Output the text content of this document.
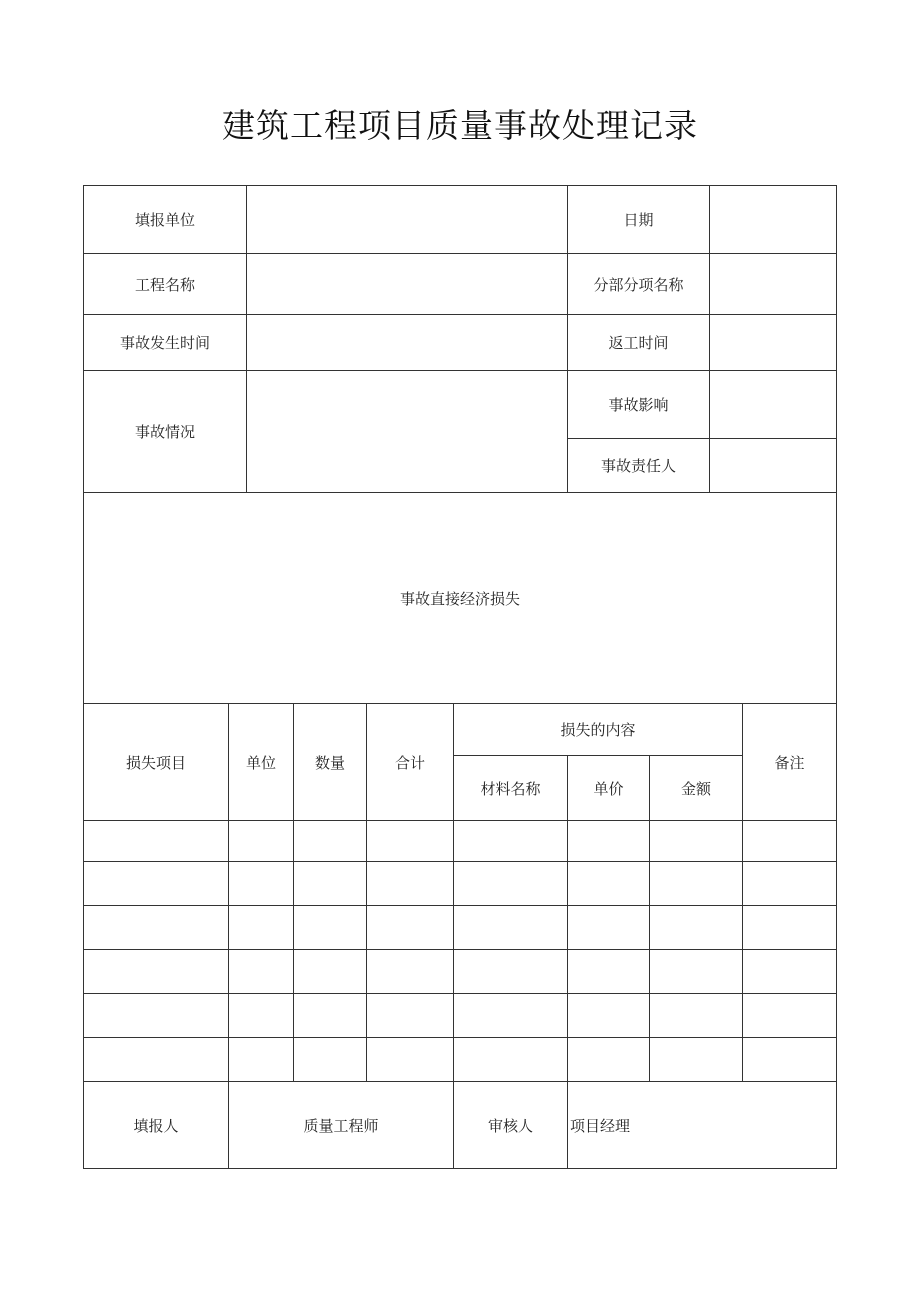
建筑工程项目质量事故处理记录
填报单位		日期	
工程名称		分部分项名称	
事故发生时间		返工时间	
事故情况		事故影响	
		事故责任人	
事故直接经济损失			
损失项目	单位	数量	合计	损失的内容			备注
				材料名称	单价	金额	

填报人	质量工程师			审核人	项目经理		
